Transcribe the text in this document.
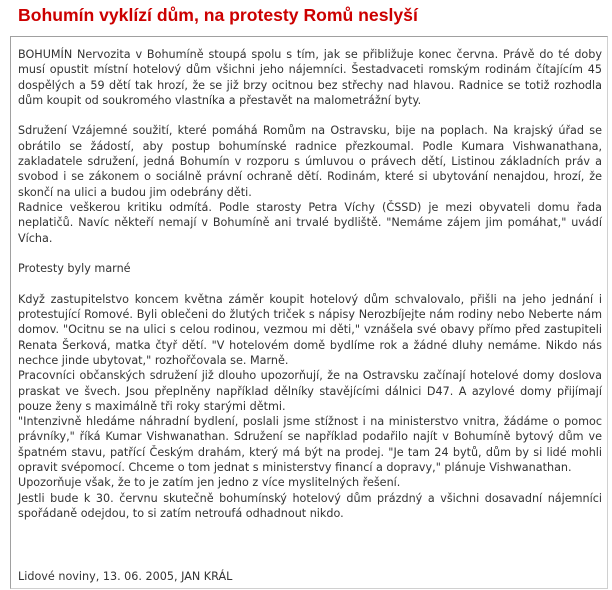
Bohumín vyklízí dům, na protesty Romů neslyší

BOHUMÍN Nervozita v Bohumíně stoupá spolu s tím, jak se přibližuje konec června. Právě do té doby musí opustit místní hotelový dům všichni jeho nájemníci. Šestadvaceti romským rodinám čítajícím 45 dospělých a 59 dětí tak hrozí, že se již brzy ocitnou bez střechy nad hlavou. Radnice se totiž rozhodla dům koupit od soukromého vlastníka a přestavět na malometrážní byty.

Sdružení Vzájemné soužití, které pomáhá Romům na Ostravsku, bije na poplach. Na krajský úřad se obrátilo se žádostí, aby postup bohumínské radnice přezkoumal. Podle Kumara Vishwanathana, zakladatele sdružení, jedná Bohumín v rozporu s úmluvou o právech dětí, Listinou základních práv a svobod i se zákonem o sociálně právní ochraně dětí. Rodinám, které si ubytování nenajdou, hrozí, že skončí na ulici a budou jim odebrány děti.

Radnice veškerou kritiku odmítá. Podle starosty Petra Víchy (ČSSD) je mezi obyvateli domu řada neplatičů. Navíc někteří nemají v Bohumíně ani trvalé bydliště. "Nemáme zájem jim pomáhat," uvádí Vícha.

Protesty byly marné

Když zastupitelstvo koncem května záměr koupit hotelový dům schvalovalo, přišli na jeho jednání i protestující Romové. Byli oblečeni do žlutých triček s nápisy Nerozbíjejte nám rodiny nebo Neberte nám domov. "Ocitnu se na ulici s celou rodinou, vezmou mi děti," vznášela své obavy přímo před zastupiteli Renata Šerková, matka čtyř dětí. "V hotelovém domě bydlíme rok a žádné dluhy nemáme. Nikdo nás nechce jinde ubytovat," rozhořčovala se. Marně.

Pracovníci občanských sdružení již dlouho upozorňují, že na Ostravsku začínají hotelové domy doslova praskat ve švech. Jsou přeplněny například dělníky stavějícími dálnici D47. A azylové domy přijímají pouze ženy s maximálně tři roky starými dětmi.

"Intenzivně hledáme náhradní bydlení, poslali jsme stížnost i na ministerstvo vnitra, žádáme o pomoc právníky," říká Kumar Vishwanathan. Sdružení se například podařilo najít v Bohumíně bytový dům ve špatném stavu, patřící Českým drahám, který má být na prodej. "Je tam 24 bytů, dům by si lidé mohli opravit svépomocí. Chceme o tom jednat s ministerstvy financí a dopravy," plánuje Vishwanathan.

Upozorňuje však, že to je zatím jen jedno z více myslitelných řešení.

Jestli bude k 30. červnu skutečně bohumínský hotelový dům prázdný a všichni dosavadní nájemníci spořádaně odejdou, to si zatím netroufá odhadnout nikdo.

Lidové noviny, 13. 06. 2005, JAN KRÁL
